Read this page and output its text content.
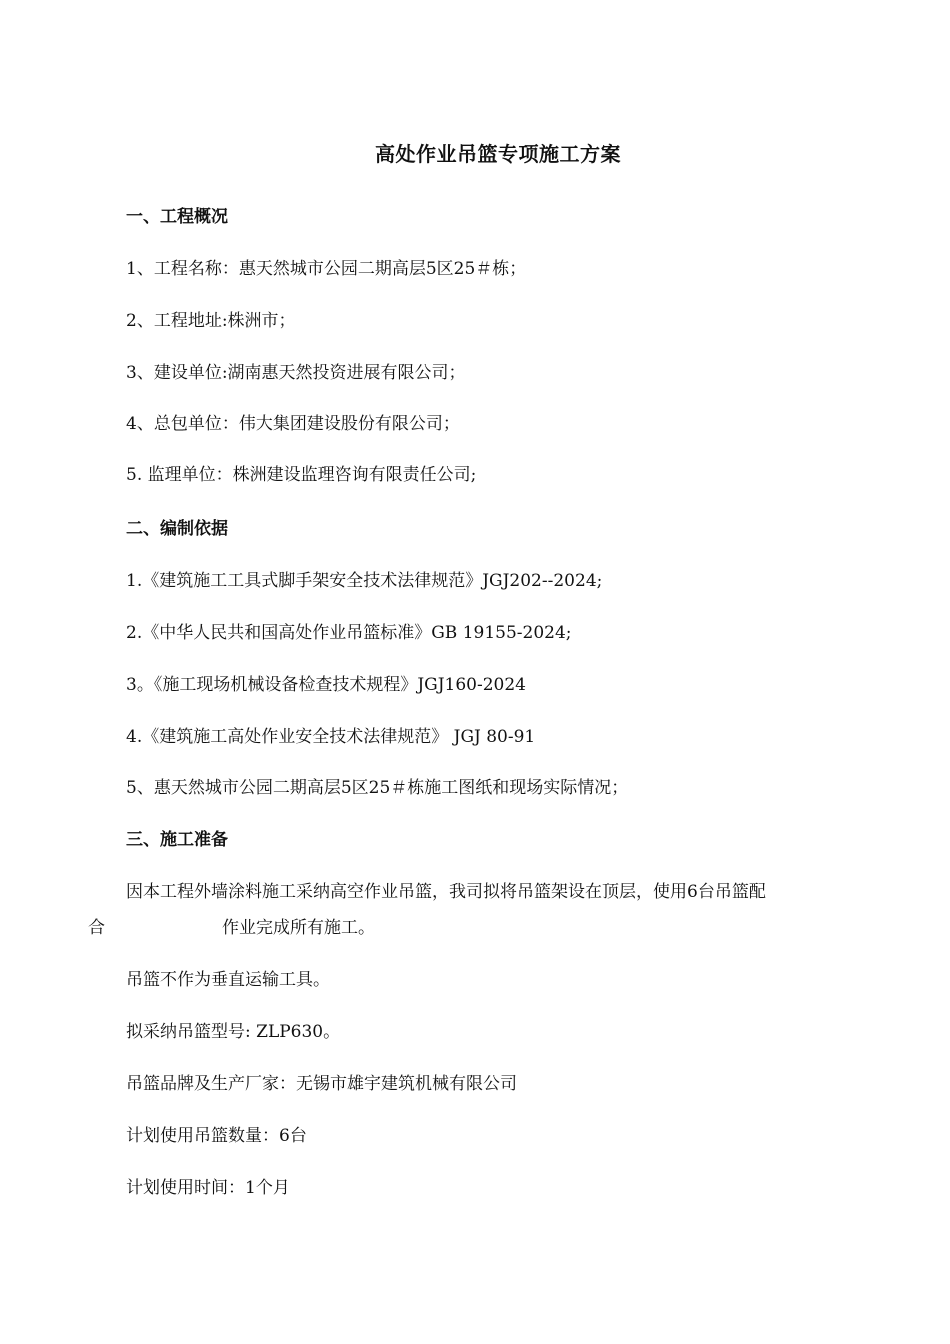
高处作业吊篮专项施工方案
一、工程概况
1、工程名称：惠天然城市公园二期高层5区25＃栋；
2、工程地址:株洲市；
3、建设单位:湖南惠天然投资进展有限公司；
4、总包单位：伟大集团建设股份有限公司；
5. 监理单位：株洲建设监理咨询有限责任公司;
二、编制依据
1.《建筑施工工具式脚手架安全技术法律规范》JGJ202--2024;
2.《中华人民共和国高处作业吊篮标准》GB 19155-2024;
3。《施工现场机械设备检查技术规程》JGJ160-2024
4.《建筑施工高处作业安全技术法律规范》 JGJ 80-91
5、惠天然城市公园二期高层5区25＃栋施工图纸和现场实际情况；
三、施工准备
因本工程外墙涂料施工采纳高空作业吊篮，我司拟将吊篮架设在顶层，使用6台吊篮配
合	作业完成所有施工。
吊篮不作为垂直运输工具。
拟采纳吊篮型号: ZLP630。
吊篮品牌及生产厂家：无锡市雄宇建筑机械有限公司
计划使用吊篮数量：6台
计划使用时间：1个月
